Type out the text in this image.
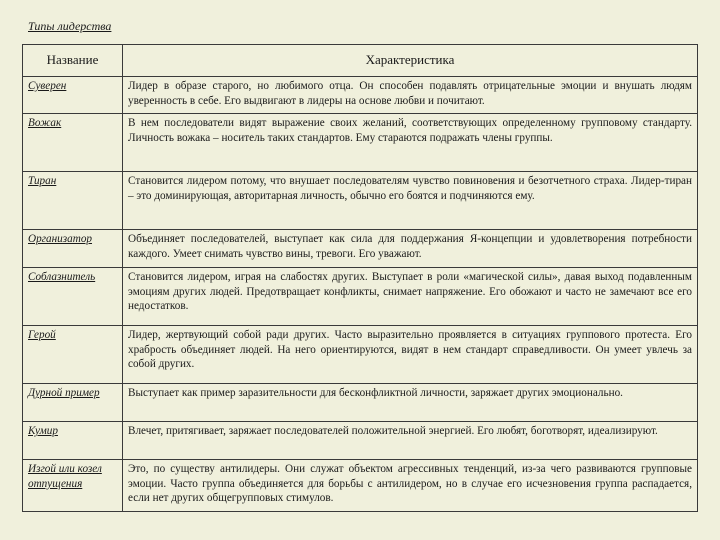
Типы лидерства
Название	Характеристика
Суверен	Лидер в образе старого, но любимого отца. Он способен подавлять отрицательные эмоции и внушать людям уверенность в себе. Его выдвигают в лидеры на основе любви и почитают.
Вожак	В нем последователи видят выражение своих желаний, соответствующих определенному групповому стандарту. Личность вожака – носитель таких стандартов. Ему стараются подражать члены группы.
Тиран	Становится лидером потому, что внушает последователям чувство повиновения и безотчетного страха. Лидер-тиран – это доминирующая, авторитарная личность, обычно его боятся и подчиняются ему.
Организатор	Объединяет последователей, выступает как сила для поддержания Я-концепции и удовлетворения потребности каждого. Умеет снимать чувство вины, тревоги. Его уважают.
Соблазнитель	Становится лидером, играя на слабостях других. Выступает в роли «магической силы», давая выход подавленным эмоциям других людей. Предотвращает конфликты, снимает напряжение. Его обожают и часто не замечают все его недостатков.
Герой	Лидер, жертвующий собой ради других. Часто выразительно проявляется в ситуациях группового протеста. Его храбрость объединяет людей. На него ориентируются, видят в нем стандарт справедливости. Он умеет увлечь за собой других.
Дурной пример	Выступает как пример заразительности для бесконфликтной личности, заряжает других эмоционально.
Кумир	Влечет, притягивает, заряжает последователей положительной энергией. Его любят, боготворят, идеализируют.
Изгой или козел отпущения	Это, по существу антилидеры. Они служат объектом агрессивных тенденций, из-за чего развиваются групповые эмоции. Часто группа объединяется для борьбы с антилидером, но в случае его исчезновения группа распадается, если нет других общегрупповых стимулов.
